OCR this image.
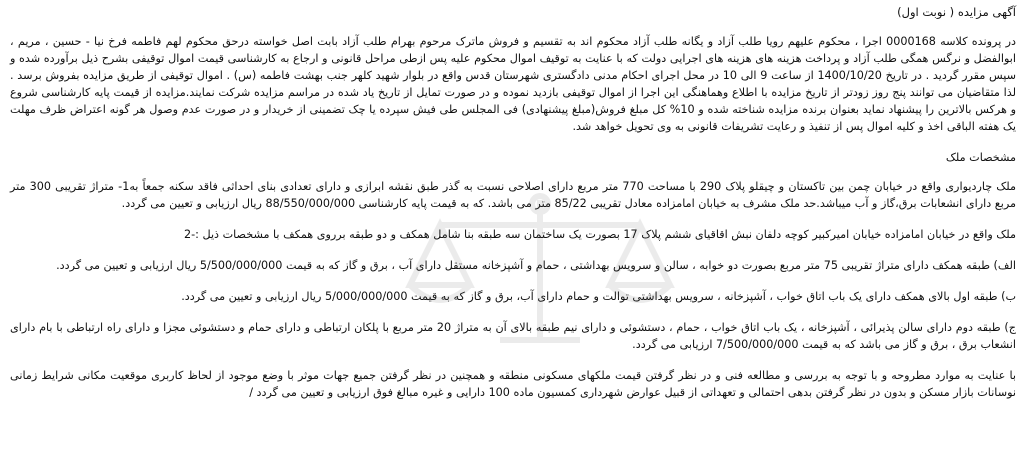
آگهی مزایده ( نوبت اول)

در پرونده کلاسه 0000168 اجرا ، محکوم علیهم رویا طلب آزاد و یگانه طلب آزاد محکوم اند به تقسیم و فروش ماترک مرحوم بهرام طلب آزاد بابت اصل خواسته درحق محکوم لهم فاطمه فرخ نیا - حسین ، مریم ، ابوالفضل و نرگس همگی طلب آزاد و پرداخت هزینه های هزینه های اجرایی دولت که با عنایت به توقیف اموال محکوم علیه پس ازطی مراحل قانونی و ارجاع به کارشناسی قیمت اموال توقیفی بشرح ذیل برآورده شده و سپس مقرر گردید . در تاریخ 1400/10/20 از ساعت 9 الی 10 در محل اجرای احکام مدنی دادگستری شهرستان قدس واقع در بلوار شهید کلهر جنب بهشت فاطمه (س) . اموال توقیفی از طریق مزایده بفروش برسد . لذا متقاضیان می توانند پنج روز زودتر از تاریخ مزایده با اطلاع وهماهنگی این اجرا از اموال توقیفی بازدید نموده و در صورت تمایل از تاریخ یاد شده در مراسم مزایده شرکت نمایند.مزایده از قیمت پایه کارشناسی شروع و هرکس بالاترین را پیشنهاد نماید بعنوان برنده مزایده شناخته شده و 10% کل مبلغ فروش(مبلغ پیشنهادی) فی المجلس طی فیش سپرده یا چک تضمینی از خریدار و در صورت عدم وصول هر گونه اعتراض ظرف مهلت یک هفته الباقی اخذ و کلیه اموال پس از تنفیذ و رعایت تشریفات قانونی به وی تحویل خواهد شد.

مشخصات ملک

ملک چاردیواری واقع در خیابان چمن بین تاکستان و چیقلو پلاک 290 با مساحت 770 متر مربع دارای اصلاحی نسبت به گذر طبق نقشه ابرازی و دارای تعدادی بنای احداثی فاقد سکنه جمعاً به1- متراژ تقریبی 300 متر مربع دارای انشعابات برق،گاز و آب میباشد.حد ملک مشرف به خیابان امامزاده معادل تقریبی 85/22 متر می باشد. که به قیمت پایه کارشناسی 88/550/000/000 ریال ارزیابی و تعیین می گردد.

ملک واقع در خیابان امامزاده خیابان امیرکبیر کوچه دلفان نبش اقاقیای ششم پلاک 17 بصورت یک ساختمان سه طبقه بنا شامل همکف و دو طبقه برروی همکف با مشخصات ذیل :-2

الف) طبقه همکف دارای متراژ تقریبی 75 متر مربع بصورت دو خوابه ، سالن و سرویس بهداشتی ، حمام و آشپزخانه مستقل دارای آب ، برق و گاز که به قیمت 5/500/000/000 ریال ارزیابی و تعیین می گردد.

ب) طبقه اول بالای همکف دارای یک باب اتاق خواب ، آشپزخانه ، سرویس بهداشتی توالت و حمام دارای آب، برق و گاز که به قیمت 5/000/000/000 ریال ارزیابی و تعیین می گردد.

ج) طبقه دوم دارای سالن پذیرائی ، آشپزخانه ، یک باب اتاق خواب ، حمام ، دستشوئی و دارای نیم طبقه بالای آن به متراژ 20 متر مربع با پلکان ارتباطی و دارای حمام و دستشوئی مجزا و دارای راه ارتباطی با بام دارای انشعاب برق ، برق و گاز می باشد که به قیمت 7/500/000/000 ارزیابی می گردد.

با عنایت به موارد مطروحه و با توجه به بررسی و مطالعه فنی و در نظر گرفتن قیمت ملکهای مسکونی منطقه و همچنین در نظر گرفتن جمیع جهات موثر با وضع موجود از لحاظ کاربری موقعیت مکانی شرایط زمانی نوسانات بازار مسکن و بدون در نظر گرفتن بدهی احتمالی و تعهداتی از قبیل عوارض شهرداری کمسیون ماده 100 دارایی و غیره مبالغ فوق ارزیابی و تعیین می گردد /
